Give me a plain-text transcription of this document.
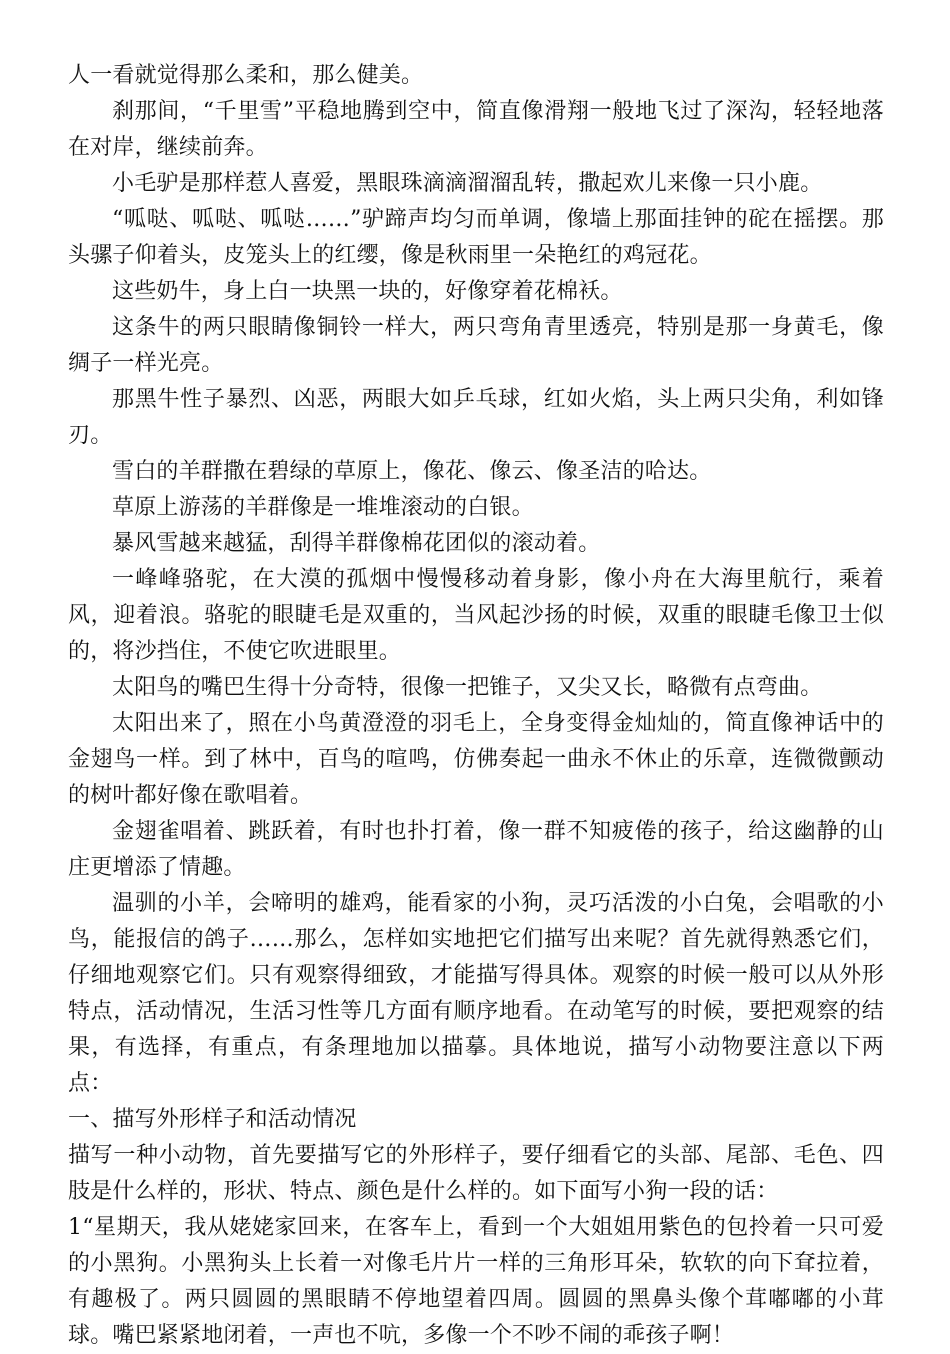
人一看就觉得那么柔和，那么健美。

刹那间，“千里雪”平稳地腾到空中，简直像滑翔一般地飞过了深沟，轻轻地落在对岸，继续前奔。

小毛驴是那样惹人喜爱，黑眼珠滴滴溜溜乱转，撒起欢儿来像一只小鹿。

“呱哒、呱哒、呱哒……”驴蹄声均匀而单调，像墙上那面挂钟的砣在摇摆。那头骡子仰着头，皮笼头上的红缨，像是秋雨里一朵艳红的鸡冠花。

这些奶牛，身上白一块黑一块的，好像穿着花棉袄。

这条牛的两只眼睛像铜铃一样大，两只弯角青里透亮，特别是那一身黄毛，像绸子一样光亮。

那黑牛性子暴烈、凶恶，两眼大如乒乓球，红如火焰，头上两只尖角，利如锋刃。

雪白的羊群撒在碧绿的草原上，像花、像云、像圣洁的哈达。

草原上游荡的羊群像是一堆堆滚动的白银。

暴风雪越来越猛，刮得羊群像棉花团似的滚动着。

一峰峰骆驼，在大漠的孤烟中慢慢移动着身影，像小舟在大海里航行，乘着风，迎着浪。骆驼的眼睫毛是双重的，当风起沙扬的时候，双重的眼睫毛像卫士似的，将沙挡住，不使它吹进眼里。

太阳鸟的嘴巴生得十分奇特，很像一把锥子，又尖又长，略微有点弯曲。

太阳出来了，照在小鸟黄澄澄的羽毛上，全身变得金灿灿的，简直像神话中的金翅鸟一样。到了林中，百鸟的喧鸣，仿佛奏起一曲永不休止的乐章，连微微颤动的树叶都好像在歌唱着。

金翅雀唱着、跳跃着，有时也扑打着，像一群不知疲倦的孩子，给这幽静的山庄更增添了情趣。

温驯的小羊，会啼明的雄鸡，能看家的小狗，灵巧活泼的小白兔，会唱歌的小鸟，能报信的鸽子……那么，怎样如实地把它们描写出来呢？首先就得熟悉它们，仔细地观察它们。只有观察得细致，才能描写得具体。观察的时候一般可以从外形特点，活动情况，生活习性等几方面有顺序地看。在动笔写的时候，要把观察的结果，有选择，有重点，有条理地加以描摹。具体地说，描写小动物要注意以下两点：

一、描写外形样子和活动情况

描写一种小动物，首先要描写它的外形样子，要仔细看它的头部、尾部、毛色、四肢是什么样的，形状、特点、颜色是什么样的。如下面写小狗一段的话：

1“星期天，我从姥姥家回来，在客车上，看到一个大姐姐用紫色的包拎着一只可爱的小黑狗。小黑狗头上长着一对像毛片片一样的三角形耳朵，软软的向下耷拉着，有趣极了。两只圆圆的黑眼睛不停地望着四周。圆圆的黑鼻头像个茸嘟嘟的小茸球。嘴巴紧紧地闭着，一声也不吭，多像一个不吵不闹的乖孩子啊！
